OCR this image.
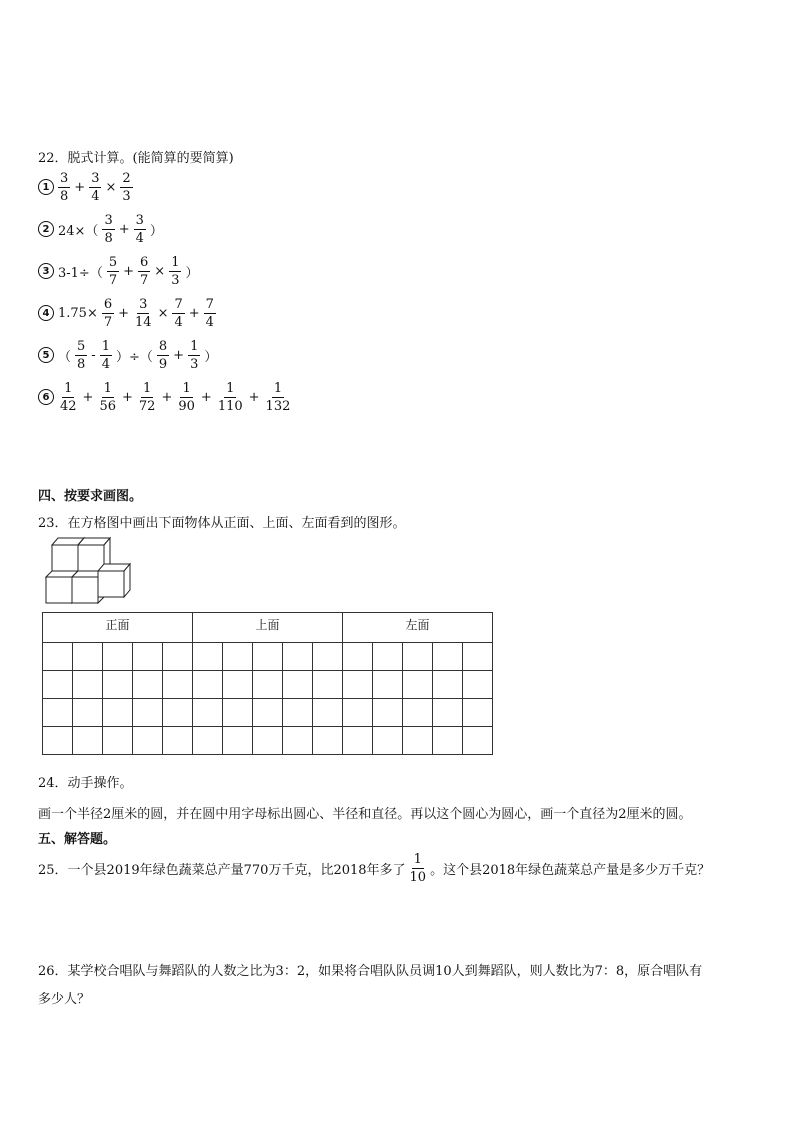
22．脱式计算。(能简算的要简算)
$1 \frac{3}{8} + \frac{3}{4} \times \frac{2}{3}$
2 $24\times( \frac{3}{8} + \frac{3}{4}$ ）
3 $3-1\div( \frac{5}{7} + \frac{6}{7} \times \frac{1}{3}$ ）
4 $1.75\times \frac{6}{7} + \frac{3}{14} \times \frac{7}{4} + \frac{7}{4}$
5 （ $\frac{5}{8} - \frac{1}{4}$ ）÷（ $\frac{8}{9} + \frac{1}{3}$ ）
$6 \frac{1}{42} + \frac{1}{56} + \frac{1}{72} + \frac{1}{90} + \frac{1}{110} + \frac{1}{132}$
四、按要求画图。
23．在方格图中画出下面物体从正面、上面、左面看到的图形。
正面					上面					左面				

24．动手操作。
画一个半径2厘米的圆，并在圆中用字母标出圆心、半径和直径。再以这个圆心为圆心，画一个直径为2厘米的圆。
五、解答题。
25．一个县2019年绿色蔬菜总产量770万千克，比2018年多了 $\frac{1}{10}$ 。这个县2018年绿色蔬菜总产量是多少万千克？
26．某学校合唱队与舞蹈队的人数之比为3：2，如果将合唱队队员调10人到舞蹈队，则人数比为7：8，原合唱队有
多少人？
